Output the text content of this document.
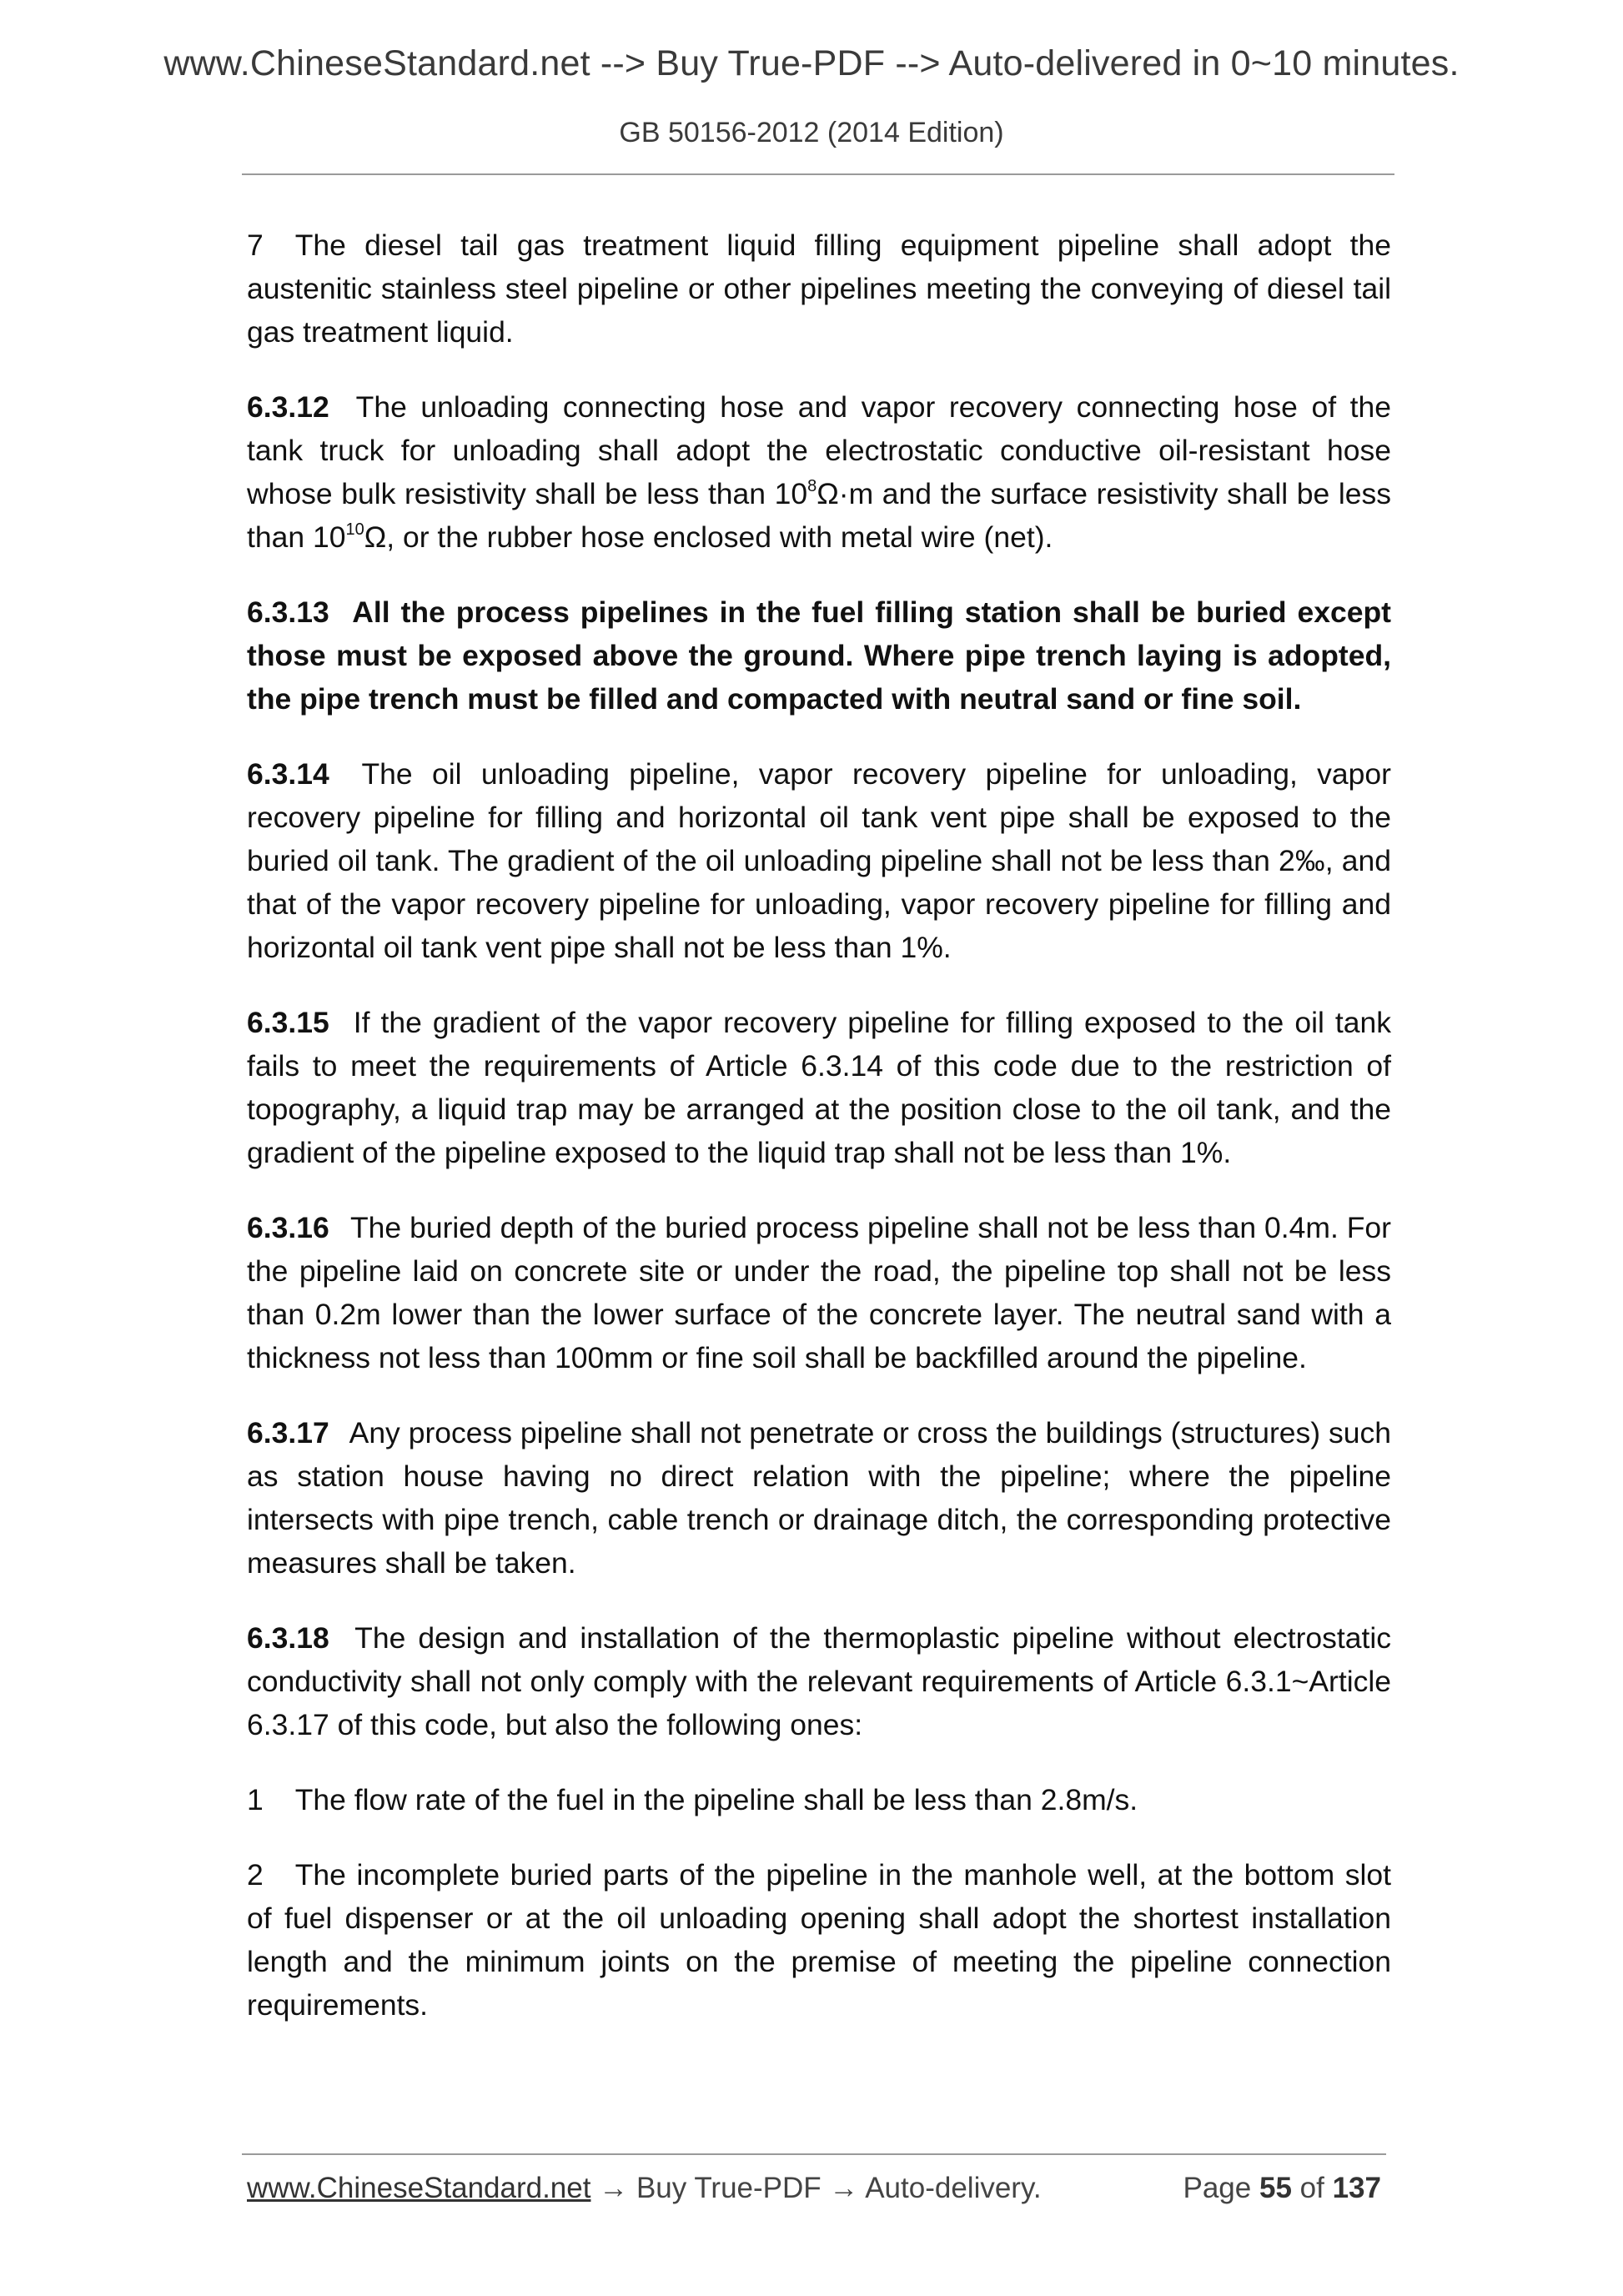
www.ChineseStandard.net --> Buy True-PDF --> Auto-delivered in 0~10 minutes.
GB 50156-2012 (2014 Edition)

7 The diesel tail gas treatment liquid filling equipment pipeline shall adopt the austenitic stainless steel pipeline or other pipelines meeting the conveying of diesel tail gas treatment liquid.

6.3.12 The unloading connecting hose and vapor recovery connecting hose of the tank truck for unloading shall adopt the electrostatic conductive oil-resistant hose whose bulk resistivity shall be less than $10^8\Omega\cdot m$ and the surface resistivity shall be less than $10^{10}\Omega$, or the rubber hose enclosed with metal wire (net).

6.3.13 All the process pipelines in the fuel filling station shall be buried except those must be exposed above the ground. Where pipe trench laying is adopted, the pipe trench must be filled and compacted with neutral sand or fine soil.

6.3.14 The oil unloading pipeline, vapor recovery pipeline for unloading, vapor recovery pipeline for filling and horizontal oil tank vent pipe shall be exposed to the buried oil tank. The gradient of the oil unloading pipeline shall not be less than 2‰, and that of the vapor recovery pipeline for unloading, vapor recovery pipeline for filling and horizontal oil tank vent pipe shall not be less than 1%.

6.3.15 If the gradient of the vapor recovery pipeline for filling exposed to the oil tank fails to meet the requirements of Article 6.3.14 of this code due to the restriction of topography, a liquid trap may be arranged at the position close to the oil tank, and the gradient of the pipeline exposed to the liquid trap shall not be less than 1%.

6.3.16 The buried depth of the buried process pipeline shall not be less than 0.4m. For the pipeline laid on concrete site or under the road, the pipeline top shall not be less than 0.2m lower than the lower surface of the concrete layer. The neutral sand with a thickness not less than 100mm or fine soil shall be backfilled around the pipeline.

6.3.17 Any process pipeline shall not penetrate or cross the buildings (structures) such as station house having no direct relation with the pipeline; where the pipeline intersects with pipe trench, cable trench or drainage ditch, the corresponding protective measures shall be taken.

6.3.18 The design and installation of the thermoplastic pipeline without electrostatic conductivity shall not only comply with the relevant requirements of Article 6.3.1~Article 6.3.17 of this code, but also the following ones:

1 The flow rate of the fuel in the pipeline shall be less than 2.8m/s.

2 The incomplete buried parts of the pipeline in the manhole well, at the bottom slot of fuel dispenser or at the oil unloading opening shall adopt the shortest installation length and the minimum joints on the premise of meeting the pipeline connection requirements.

www.ChineseStandard.net → Buy True-PDF → Auto-delivery.	Page 55 of 137
